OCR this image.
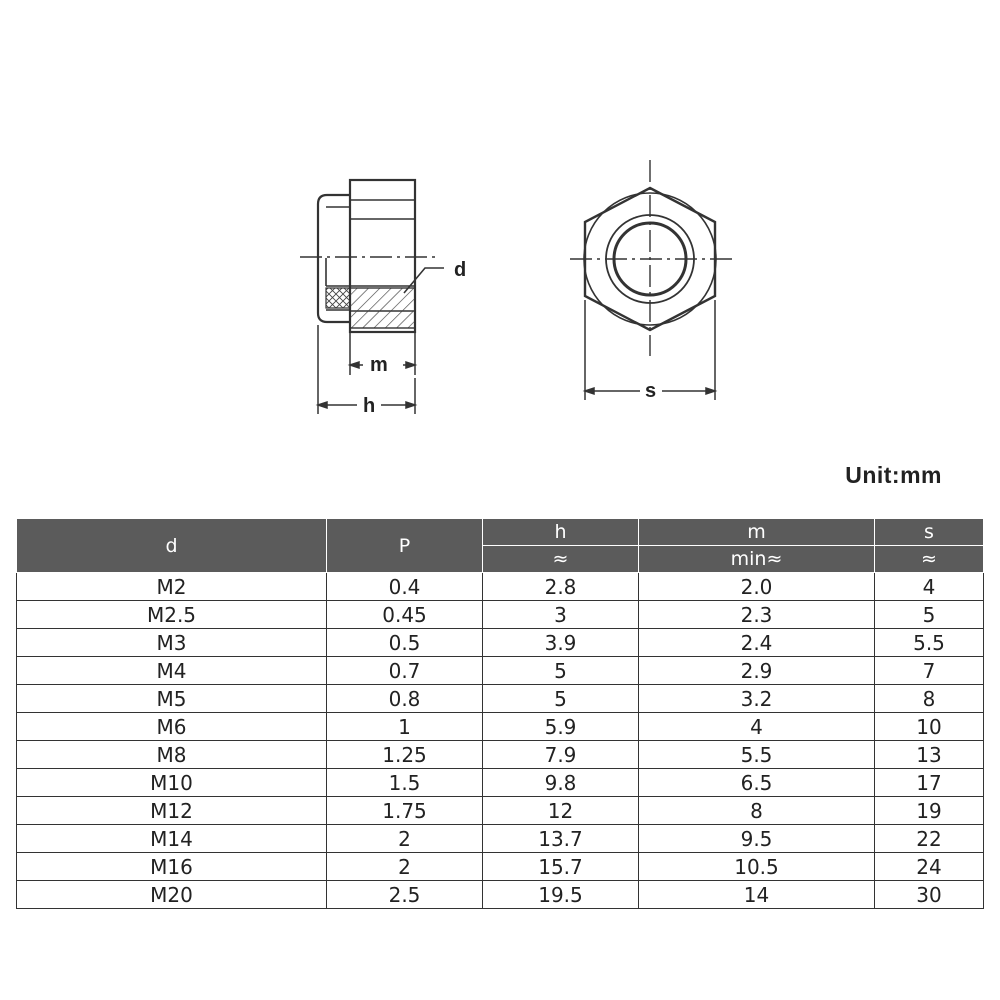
d
m
h
s
Unit:mm
d	P	h	m	s
		≈	min≈	≈
M2	0.4	2.8	2.0	4
M2.5	0.45	3	2.3	5
M3	0.5	3.9	2.4	5.5
M4	0.7	5	2.9	7
M5	0.8	5	3.2	8
M6	1	5.9	4	10
M8	1.25	7.9	5.5	13
M10	1.5	9.8	6.5	17
M12	1.75	12	8	19
M14	2	13.7	9.5	22
M16	2	15.7	10.5	24
M20	2.5	19.5	14	30
